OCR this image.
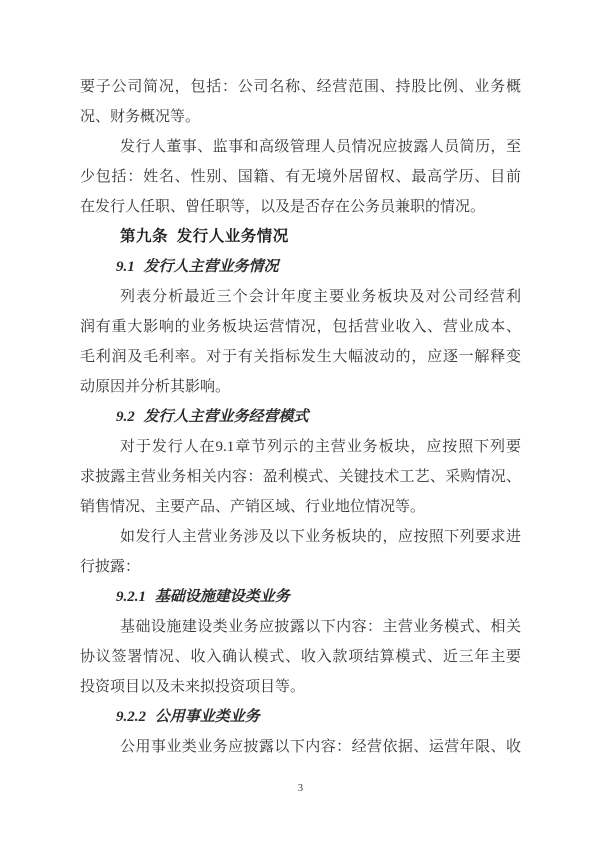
要子公司简况，包括：公司名称、经营范围、持股比例、业务概
况、财务概况等。
发行人董事、监事和高级管理人员情况应披露人员简历，至
少包括：姓名、性别、国籍、有无境外居留权、最高学历、目前
在发行人任职、曾任职等，以及是否存在公务员兼职的情况。
第九条 发行人业务情况
9.1 发行人主营业务情况
列表分析最近三个会计年度主要业务板块及对公司经营利
润有重大影响的业务板块运营情况，包括营业收入、营业成本、
毛利润及毛利率。对于有关指标发生大幅波动的，应逐一解释变
动原因并分析其影响。
9.2 发行人主营业务经营模式
对于发行人在9.1章节列示的主营业务板块，应按照下列要
求披露主营业务相关内容：盈利模式、关键技术工艺、采购情况、
销售情况、主要产品、产销区域、行业地位情况等。
如发行人主营业务涉及以下业务板块的，应按照下列要求进
行披露：
9.2.1 基础设施建设类业务
基础设施建设类业务应披露以下内容：主营业务模式、相关
协议签署情况、收入确认模式、收入款项结算模式、近三年主要
投资项目以及未来拟投资项目等。
9.2.2 公用事业类业务
公用事业类业务应披露以下内容：经营依据、运营年限、收
3
